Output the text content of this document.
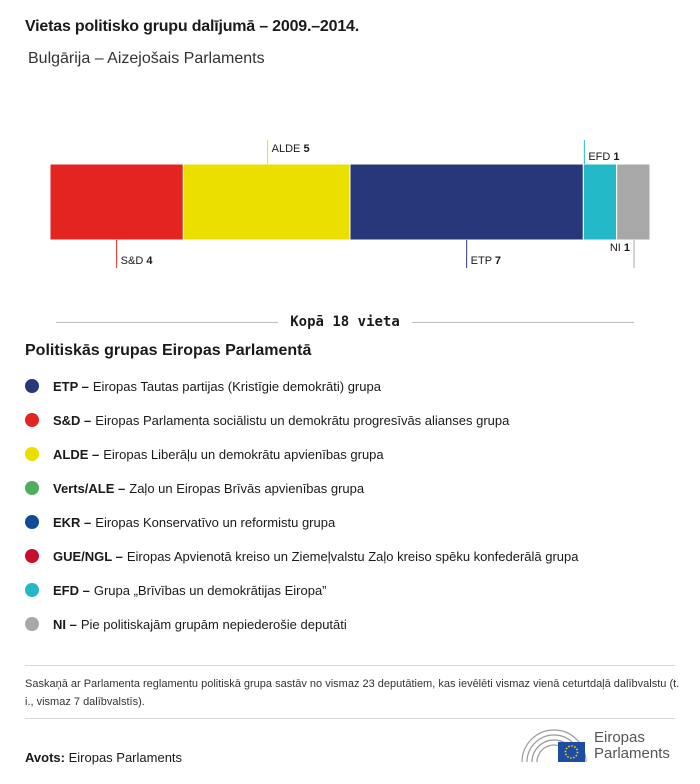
Vietas politisko grupu dalījumā – 2009.–2014.
Bulgārija – Aizejošais Parlaments
S&D 4
ALDE 5
ETP 7
EFD 1
NI 1
Kopā 18 vieta
Politiskās grupas Eiropas Parlamentā
ETP – Eiropas Tautas partijas (Kristīgie demokrāti) grupa
S&D – Eiropas Parlamenta sociālistu un demokrātu progresīvās alianses grupa
ALDE – Eiropas Liberāļu un demokrātu apvienības grupa
Verts/ALE – Zaļo un Eiropas Brīvās apvienības grupa
EKR – Eiropas Konservatīvo un reformistu grupa
GUE/NGL – Eiropas Apvienotā kreiso un Ziemeļvalstu Zaļo kreiso spēku konfederālā grupa
EFD – Grupa „Brīvības un demokrātijas Eiropa”
NI – Pie politiskajām grupām nepiederošie deputāti
Saskaņā ar Parlamenta reglamentu politiskā grupa sastāv no vismaz 23 deputātiem, kas ievēlēti vismaz vienā ceturtdaļā dalībvalstu (t. i., vismaz 7 dalībvalstīs).
Avots: Eiropas Parlaments
Eiropas
Parlaments
